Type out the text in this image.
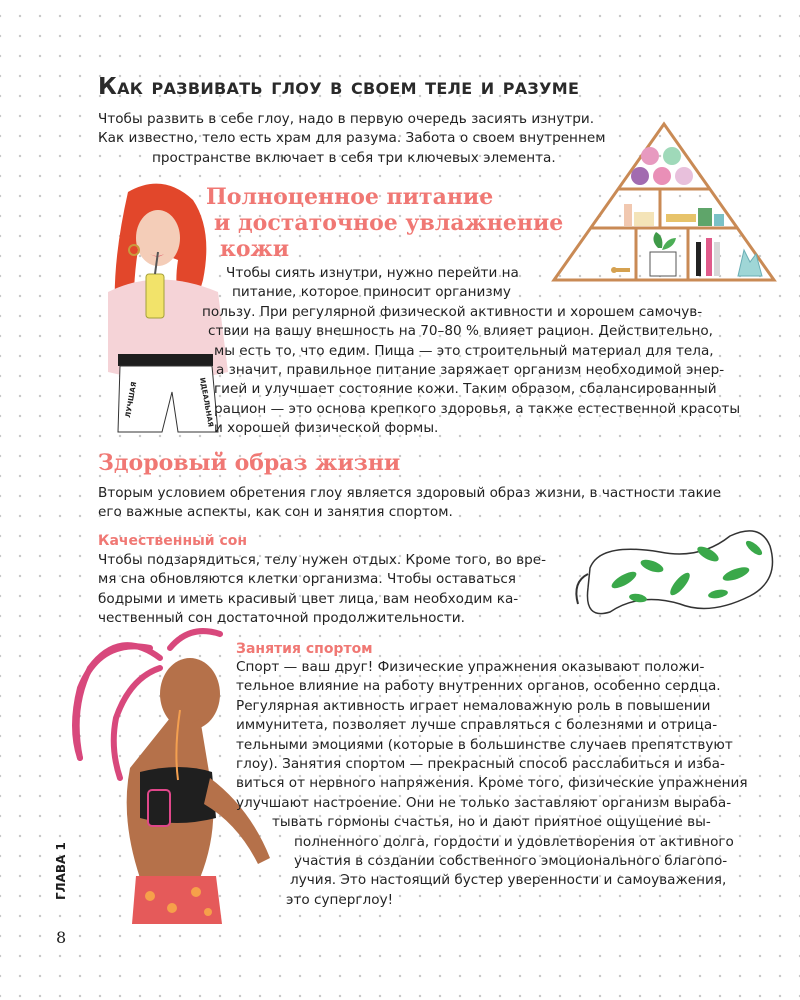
Как развивать глоу в своем теле и разуме
Чтобы развить в себе глоу, надо в первую очередь засиять изнутри.
Как известно, тело есть храм для разума. Забота о своем внутреннем
пространстве включает в себя три ключевых элемента.
ЛУЧШАЯ	ИДЕАЛЬНАЯ
Полноценное питание
и достаточное увлажнение
кожи
Чтобы сиять изнутри, нужно перейти на
питание, которое приносит организму
пользу. При регулярной физической активности и хорошем самочув-
ствии на вашу внешность на 70–80 % влияет рацион. Действительно,
мы есть то, что едим. Пища — это строительный материал для тела,
а значит, правильное питание заряжает организм необходимой энер-
гией и улучшает состояние кожи. Таким образом, сбалансированный
рацион — это основа крепкого здоровья, а также естественной красоты
и хорошей физической формы.
Здоровый образ жизни
Вторым условием обретения глоу является здоровый образ жизни, в частности такие
его важные аспекты, как сон и занятия спортом.
Качественный сон
Чтобы подзарядиться, телу нужен отдых. Кроме того, во вре-
мя сна обновляются клетки организма. Чтобы оставаться
бодрыми и иметь красивый цвет лица, вам необходим ка-
чественный сон достаточной продолжительности.
Занятия спортом
Спорт — ваш друг! Физические упражнения оказывают положи-
тельное влияние на работу внутренних органов, особенно сердца.
Регулярная активность играет немаловажную роль в повышении
иммунитета, позволяет лучше справляться с болезнями и отрица-
тельными эмоциями (которые в большинстве случаев препятствуют
глоу). Занятия спортом — прекрасный способ расслабиться и изба-
виться от нервного напряжения. Кроме того, физические упражнения
улучшают настроение. Они не только заставляют организм выраба-
тывать гормоны счастья, но и дают приятное ощущение вы-
полненного долга, гордости и удовлетворения от активного
участия в создании собственного эмоционального благопо-
лучия. Это настоящий бустер уверенности и самоуважения,
это суперглоу!
ГЛАВА 1
8
